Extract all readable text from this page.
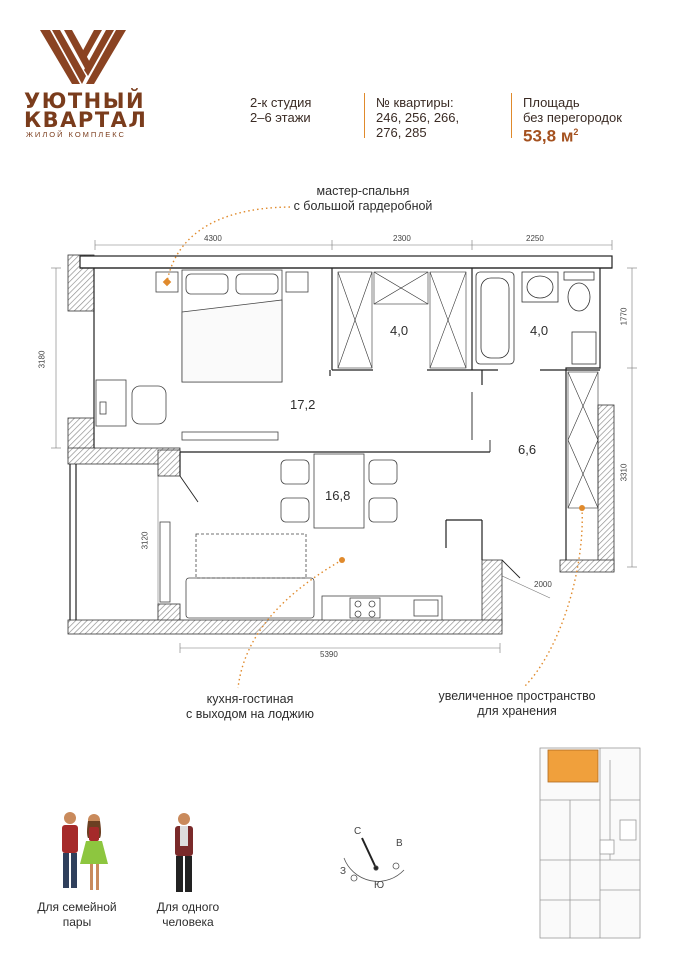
УЮТНЫЙ
КВАРТАЛ
ЖИЛОЙ КОМПЛЕКС
2-к студия
2–6 этажи
№ квартиры:
246, 256, 266,
276, 285
Площадь
без перегородок
53,8 $м^2$
мастер-спальня
с большой гардеробной
кухня-гостиная
с выходом на лоджию
увеличенное пространство
для хранения
С
В
Ю
З
17,2
16,8
4,0	4,0
6,6
4300	2300	2250
3180
3120
1770
3310
5390
2000
Для семейной
пары
Для одного
человека
